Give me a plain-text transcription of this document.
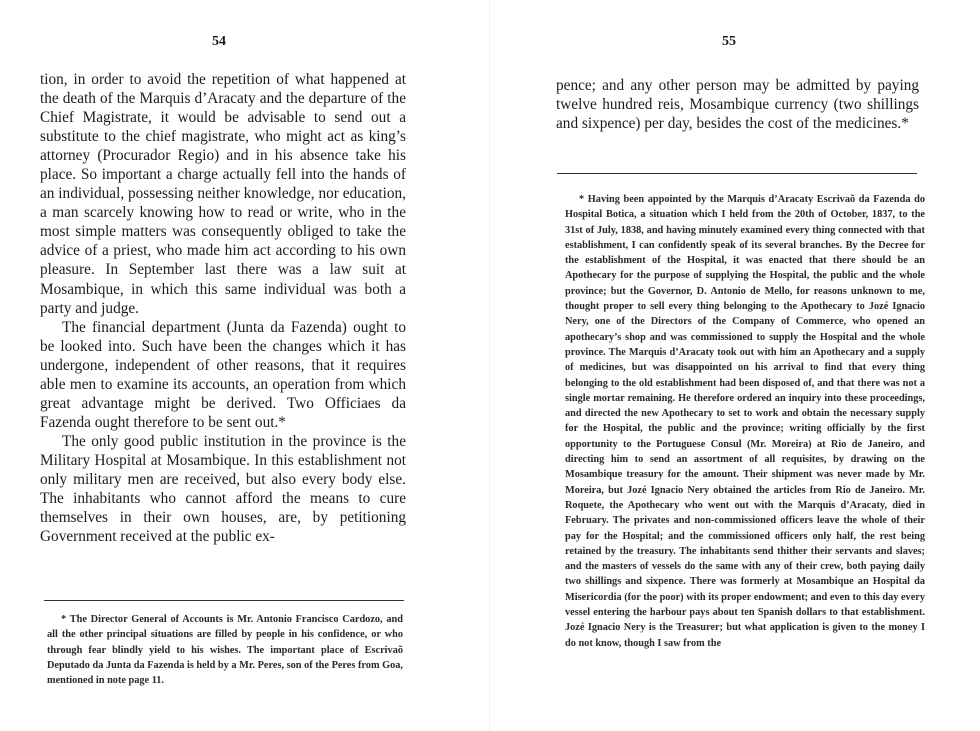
54

tion, in order to avoid the repetition of what happened at the death of the Marquis d’Aracaty and the departure of the Chief Magistrate, it would be advisable to send out a substitute to the chief magistrate, who might act as king’s attorney (Procurador Regio) and in his absence take his place. So important a charge actually fell into the hands of an individual, possessing neither knowledge, nor education, a man scarcely knowing how to read or write, who in the most simple matters was consequently obliged to take the advice of a priest, who made him act according to his own pleasure. In September last there was a law suit at Mosambique, in which this same individual was both a party and judge.

The financial department (Junta da Fazenda) ought to be looked into. Such have been the changes which it has undergone, independent of other reasons, that it requires able men to examine its accounts, an operation from which great advantage might be derived. Two Officiaes da Fazenda ought therefore to be sent out.*

The only good public institution in the province is the Military Hospital at Mosambique. In this establishment not only military men are received, but also every body else. The inhabitants who cannot afford the means to cure themselves in their own houses, are, by petitioning Government received at the public ex-

* The Director General of Accounts is Mr. Antonio Francisco Cardozo, and all the other principal situations are filled by people in his confidence, or who through fear blindly yield to his wishes. The important place of Escrivaõ Deputado da Junta da Fazenda is held by a Mr. Peres, son of the Peres from Goa, mentioned in note page 11.

55

pence; and any other person may be admitted by paying twelve hundred reis, Mosambique currency (two shillings and sixpence) per day, besides the cost of the medicines.*

* Having been appointed by the Marquis d’Aracaty Escrivaõ da Fazenda do Hospital Botica, a situation which I held from the 20th of October, 1837, to the 31st of July, 1838, and having minutely examined every thing connected with that establishment, I can confidently speak of its several branches. By the Decree for the establishment of the Hospital, it was enacted that there should be an Apothecary for the purpose of supplying the Hospital, the public and the whole province; but the Governor, D. Antonio de Mello, for reasons unknown to me, thought proper to sell every thing belonging to the Apothecary to Jozé Ignacio Nery, one of the Directors of the Company of Commerce, who opened an apothecary’s shop and was commissioned to supply the Hospital and the whole province. The Marquis d’Aracaty took out with him an Apothecary and a supply of medicines, but was disappointed on his arrival to find that every thing belonging to the old establishment had been disposed of, and that there was not a single mortar remaining. He therefore ordered an inquiry into these proceedings, and directed the new Apothecary to set to work and obtain the necessary supply for the Hospital, the public and the province; writing officially by the first opportunity to the Portuguese Consul (Mr. Moreira) at Rio de Janeiro, and directing him to send an assortment of all requisites, by drawing on the Mosambique treasury for the amount. Their shipment was never made by Mr. Moreira, but Jozé Ignacio Nery obtained the articles from Rio de Janeiro. Mr. Roquete, the Apothecary who went out with the Marquis d’Aracaty, died in February. The privates and non-commissioned officers leave the whole of their pay for the Hospital; and the commissioned officers only half, the rest being retained by the treasury. The inhabitants send thither their servants and slaves; and the masters of vessels do the same with any of their crew, both paying daily two shillings and sixpence. There was formerly at Mosambique an Hospital da Misericordia (for the poor) with its proper endowment; and even to this day every vessel entering the harbour pays about ten Spanish dollars to that establishment. Jozé Ignacio Nery is the Treasurer; but what application is given to the money I do not know, though I saw from the
